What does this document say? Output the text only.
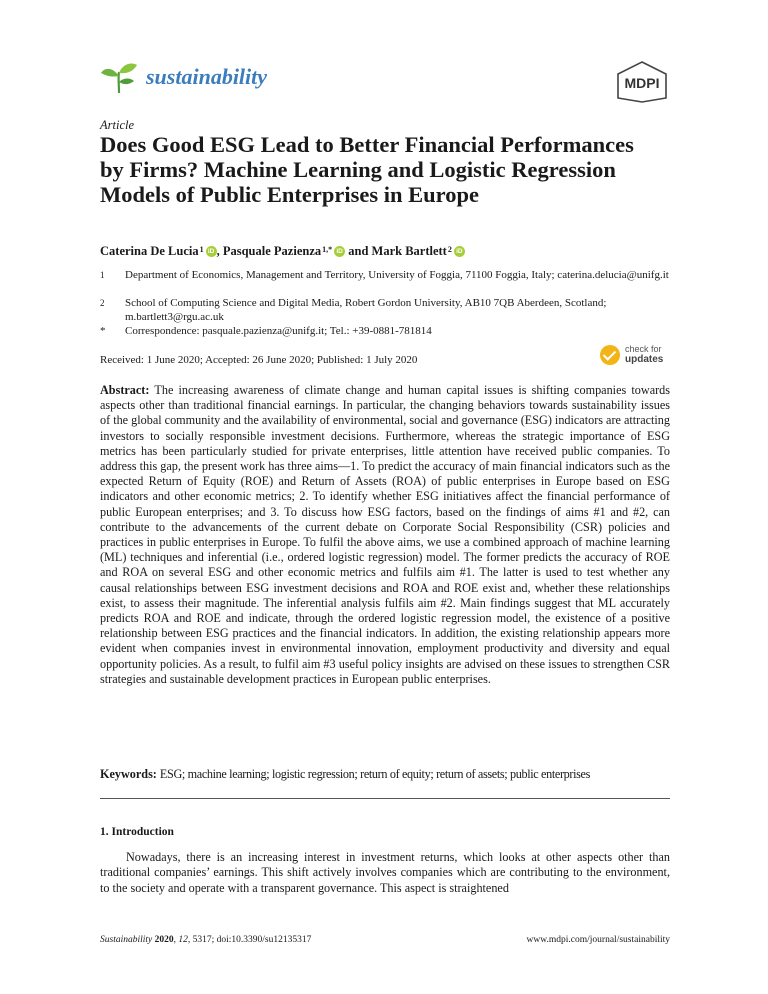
sustainability	MDPI
Article
Does Good ESG Lead to Better Financial Performances by Firms? Machine Learning and Logistic Regression Models of Public Enterprises in Europe
Caterina De Lucia$^1$ iD , Pasquale Pazienza$^{1,*}$ iD and Mark Bartlett$^2$ iD
1	Department of Economics, Management and Territory, University of Foggia, 71100 Foggia, Italy; caterina.delucia@unifg.it
2	School of Computing Science and Digital Media, Robert Gordon University, AB10 7QB Aberdeen, Scotland; m.bartlett3@rgu.ac.uk
*	Correspondence: pasquale.pazienza@unifg.it; Tel.: +39-0881-781814
Received: 1 June 2020; Accepted: 26 June 2020; Published: 1 July 2020
check for
updates
Abstract: The increasing awareness of climate change and human capital issues is shifting companies towards aspects other than traditional financial earnings. In particular, the changing behaviors towards sustainability issues of the global community and the availability of environmental, social and governance (ESG) indicators are attracting investors to socially responsible investment decisions. Furthermore, whereas the strategic importance of ESG metrics has been particularly studied for private enterprises, little attention have received public companies. To address this gap, the present work has three aims—1. To predict the accuracy of main financial indicators such as the expected Return of Equity (ROE) and Return of Assets (ROA) of public enterprises in Europe based on ESG indicators and other economic metrics; 2. To identify whether ESG initiatives affect the financial performance of public European enterprises; and 3. To discuss how ESG factors, based on the findings of aims #1 and #2, can contribute to the advancements of the current debate on Corporate Social Responsibility (CSR) policies and practices in public enterprises in Europe. To fulfil the above aims, we use a combined approach of machine learning (ML) techniques and inferential (i.e., ordered logistic regression) model. The former predicts the accuracy of ROE and ROA on several ESG and other economic metrics and fulfils aim #1. The latter is used to test whether any causal relationships between ESG investment decisions and ROA and ROE exist and, whether these relationships exist, to assess their magnitude. The inferential analysis fulfils aim #2. Main findings suggest that ML accurately predicts ROA and ROE and indicate, through the ordered logistic regression model, the existence of a positive relationship between ESG practices and the financial indicators. In addition, the existing relationship appears more evident when companies invest in environmental innovation, employment productivity and diversity and equal opportunity policies. As a result, to fulfil aim #3 useful policy insights are advised on these issues to strengthen CSR strategies and sustainable development practices in European public enterprises.
Keywords: ESG; machine learning; logistic regression; return of equity; return of assets; public enterprises
1. Introduction
Nowadays, there is an increasing interest in investment returns, which looks at other aspects other than traditional companies’ earnings. This shift actively involves companies which are contributing to the environment, to the society and operate with a transparent governance. This aspect is straightened
Sustainability 2020, 12, 5317; doi:10.3390/su12135317	www.mdpi.com/journal/sustainability
